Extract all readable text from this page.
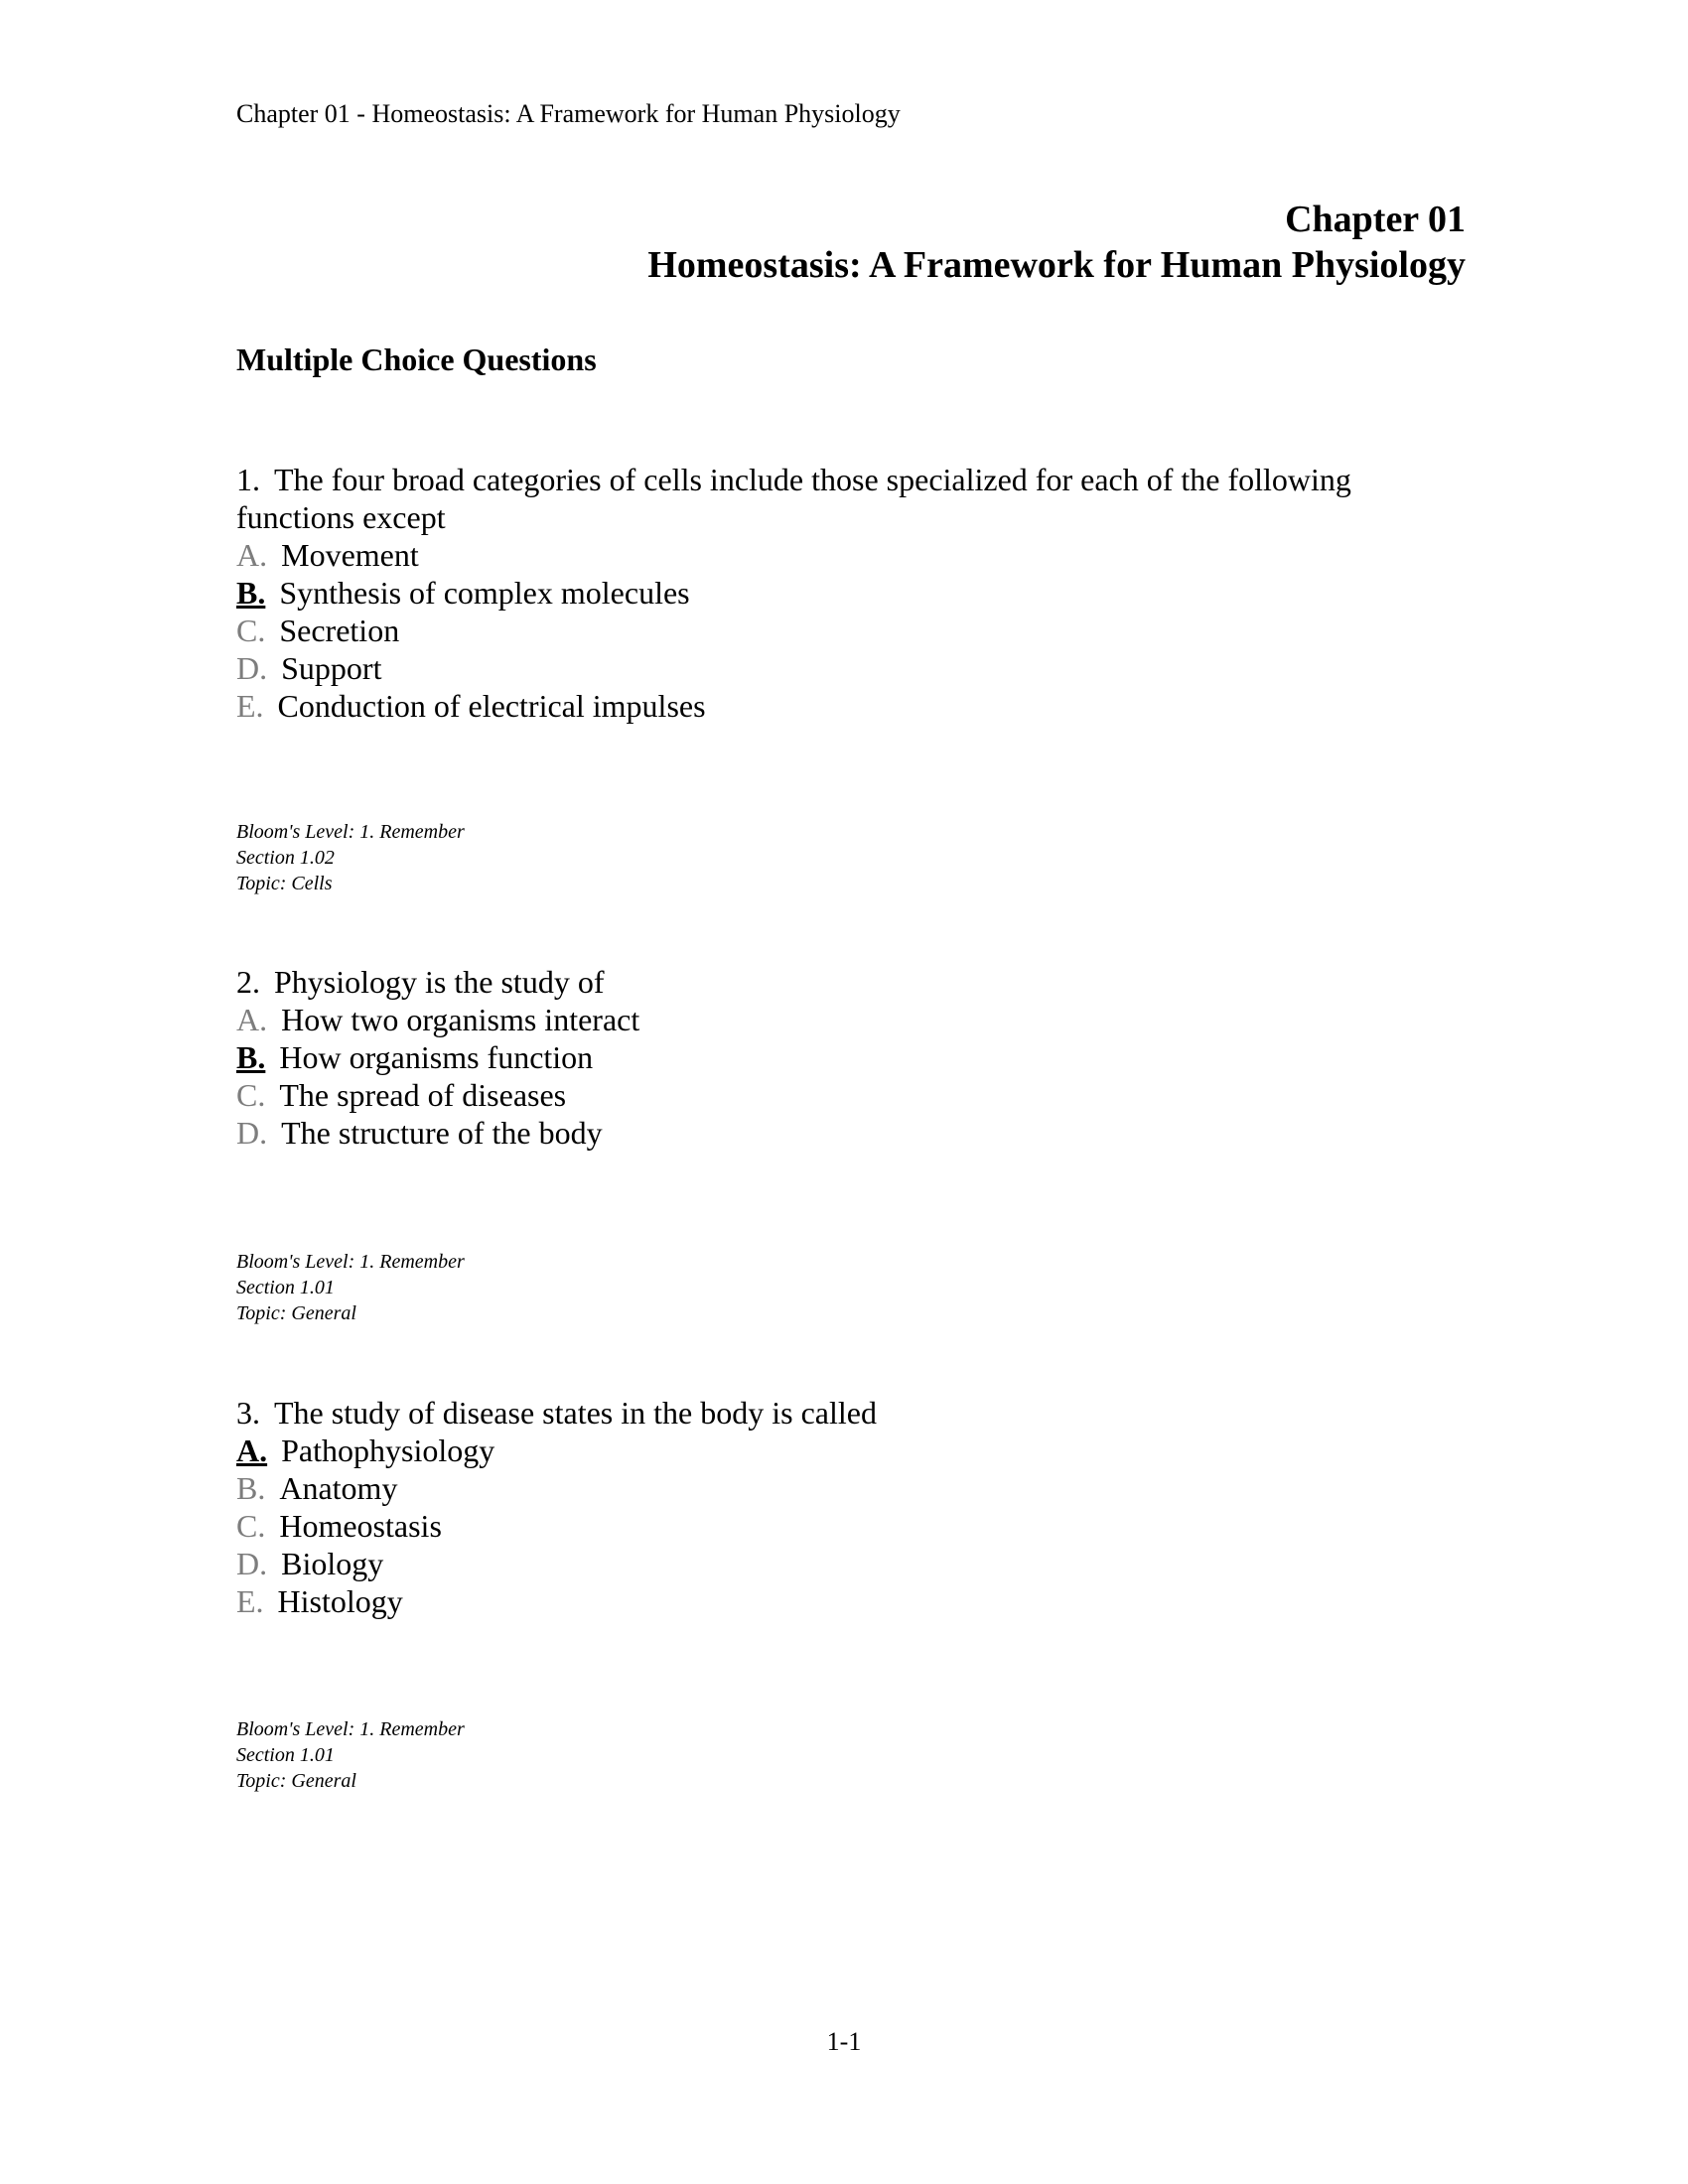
Chapter 01 - Homeostasis: A Framework for Human Physiology
Chapter 01
Homeostasis: A Framework for Human Physiology
Multiple Choice Questions
1. The four broad categories of cells include those specialized for each of the following
functions except
A. Movement
B. Synthesis of complex molecules
C. Secretion
D. Support
E. Conduction of electrical impulses
Bloom's Level: 1. Remember
Section 1.02
Topic: Cells
2. Physiology is the study of
A. How two organisms interact
B. How organisms function
C. The spread of diseases
D. The structure of the body
Bloom's Level: 1. Remember
Section 1.01
Topic: General
3. The study of disease states in the body is called
A. Pathophysiology
B. Anatomy
C. Homeostasis
D. Biology
E. Histology
Bloom's Level: 1. Remember
Section 1.01
Topic: General
1-1
